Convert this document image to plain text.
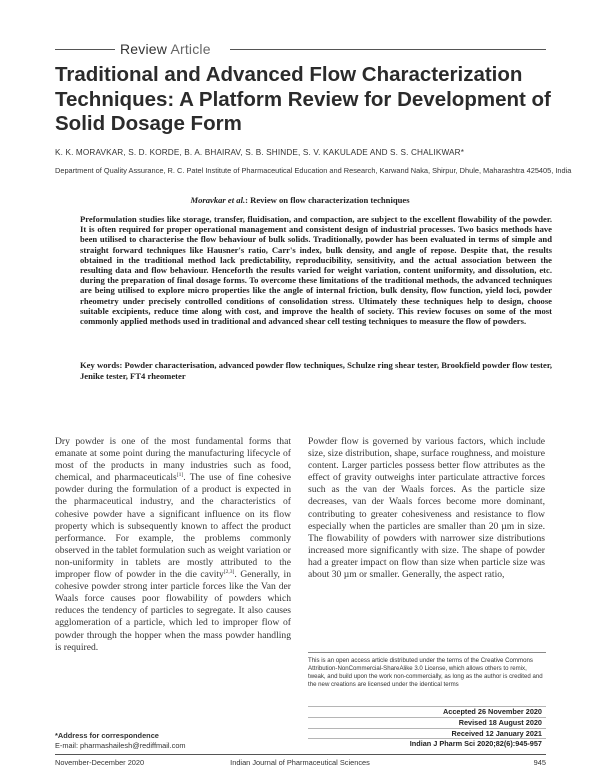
Review Article
Traditional and Advanced Flow Characterization Techniques: A Platform Review for Development of Solid Dosage Form
K. K. MORAVKAR, S. D. KORDE, B. A. BHAIRAV, S. B. SHINDE, S. V. KAKULADE AND S. S. CHALIKWAR*
Department of Quality Assurance, R. C. Patel Institute of Pharmaceutical Education and Research, Karwand Naka, Shirpur, Dhule, Maharashtra 425405, India
Moravkar et al.: Review on flow characterization techniques
Preformulation studies like storage, transfer, fluidisation, and compaction, are subject to the excellent flowability of the powder. It is often required for proper operational management and consistent design of industrial processes. Two basics methods have been utilised to characterise the flow behaviour of bulk solids. Traditionally, powder has been evaluated in terms of simple and straight forward techniques like Hausner's ratio, Carr's index, bulk density, and angle of repose. Despite that, the results obtained in the traditional method lack predictability, reproducibility, sensitivity, and the actual association between the resulting data and flow behaviour. Henceforth the results varied for weight variation, content uniformity, and dissolution, etc. during the preparation of final dosage forms. To overcome these limitations of the traditional methods, the advanced techniques are being utilised to explore micro properties like the angle of internal friction, bulk density, flow function, yield loci, powder rheometry under precisely controlled conditions of consolidation stress. Ultimately these techniques help to design, choose suitable excipients, reduce time along with cost, and improve the health of society. This review focuses on some of the most commonly applied methods used in traditional and advanced shear cell testing techniques to measure the flow of powders.
Key words: Powder characterisation, advanced powder flow techniques, Schulze ring shear tester, Brookfield powder flow tester, Jenike tester, FT4 rheometer
Dry powder is one of the most fundamental forms that emanate at some point during the manufacturing lifecycle of most of the products in many industries such as food, chemical, and pharmaceuticals[1]. The use of fine cohesive powder during the formulation of a product is expected in the pharmaceutical industry, and the characteristics of cohesive powder have a significant influence on its flow property which is subsequently known to affect the product performance. For example, the problems commonly observed in the tablet formulation such as weight variation or non-uniformity in tablets are mostly attributed to the improper flow of powder in the die cavity[2,3]. Generally, in cohesive powder strong inter particle forces like the Van der Waals force causes poor flowability of powders which reduces the tendency of particles to segregate. It also causes agglomeration of a particle, which led to improper flow of powder through the hopper when the mass powder handling is required.
Powder flow is governed by various factors, which include size, size distribution, shape, surface roughness, and moisture content. Larger particles possess better flow attributes as the effect of gravity outweighs inter particulate attractive forces such as the van der Waals forces. As the particle size decreases, van der Waals forces become more dominant, contributing to greater cohesiveness and resistance to flow especially when the particles are smaller than 20 µm in size. The flowability of powders with narrower size distributions increased more significantly with size. The shape of powder had a greater impact on flow than size when particle size was about 30 µm or smaller. Generally, the aspect ratio,
This is an open access article distributed under the terms of the Creative Commons Attribution-NonCommercial-ShareAlike 3.0 License, which allows others to remix, tweak, and build upon the work non-commercially, as long as the author is credited and the new creations are licensed under the identical terms
Accepted 26 November 2020
Revised 18 August 2020
Received 12 January 2021
Indian J Pharm Sci 2020;82(6):945-957
*Address for correspondence
E-mail: pharmashailesh@rediffmail.com
November-December 2020	Indian Journal of Pharmaceutical Sciences	945
